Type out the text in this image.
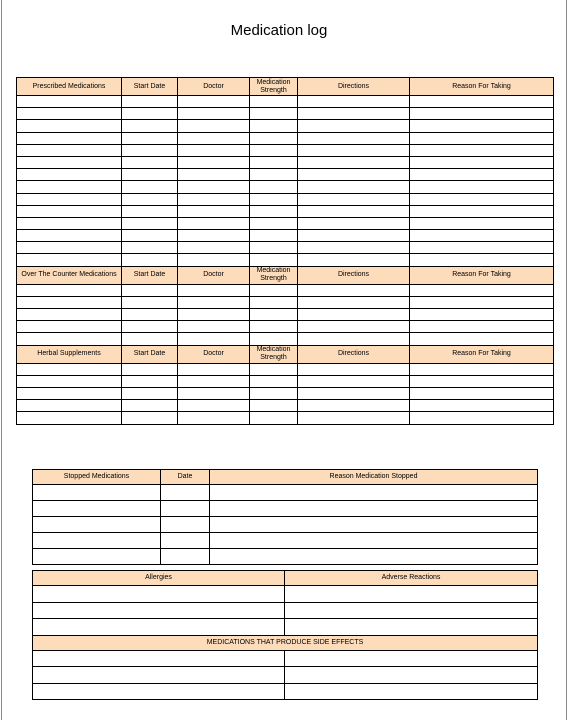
Medication log
Prescribed Medications	Start Date	Doctor	Medication Strength	Directions	Reason For Taking

Over The Counter Medications	Start Date	Doctor	Medication Strength	Directions	Reason For Taking

Herbal Supplements	Start Date	Doctor	Medication Strength	Directions	Reason For Taking

Stopped Medications	Date	Reason Medication Stopped

Allergies	Adverse Reactions

MEDICATIONS THAT PRODUCE SIDE EFFECTS	
